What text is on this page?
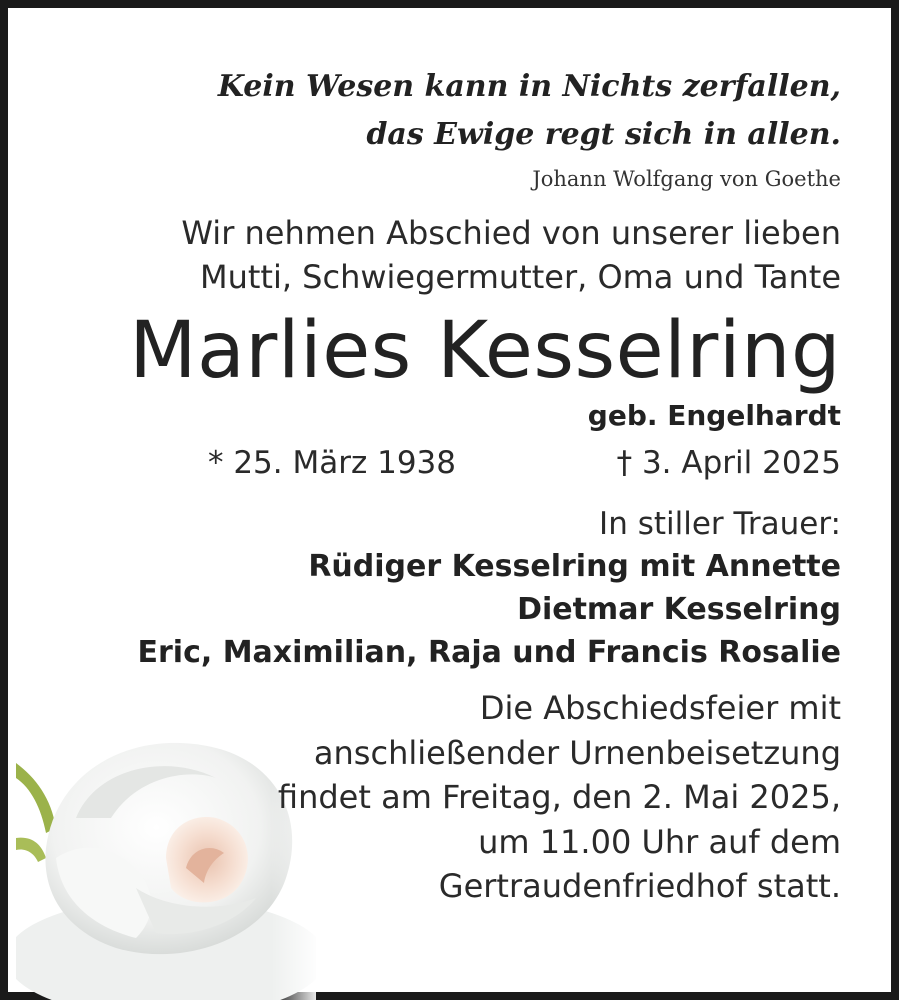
Kein Wesen kann in Nichts zerfallen,
das Ewige regt sich in allen.
Johann Wolfgang von Goethe
Wir nehmen Abschied von unserer lieben
Mutti, Schwiegermutter, Oma und Tante
Marlies Kesselring
geb. Engelhardt
* 25. März 1938	† 3. April 2025
In stiller Trauer:
Rüdiger Kesselring mit Annette
Dietmar Kesselring
Eric, Maximilian, Raja und Francis Rosalie
Die Abschiedsfeier mit
anschließender Urnenbeisetzung
findet am Freitag, den 2. Mai 2025,
um 11.00 Uhr auf dem
Gertraudenfriedhof statt.
